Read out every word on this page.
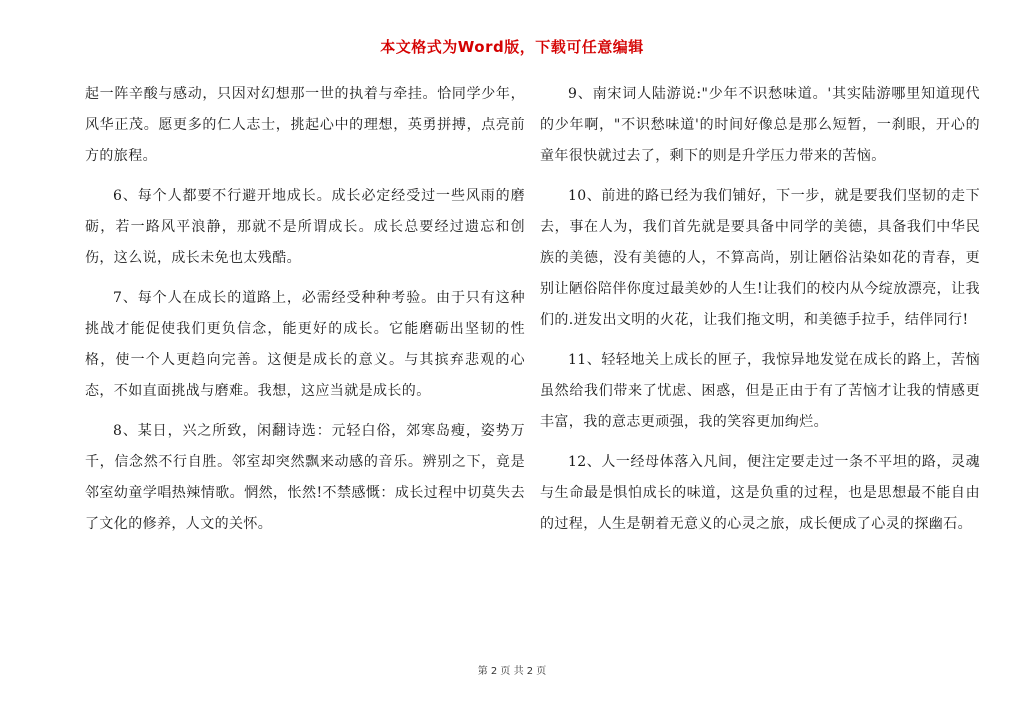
本文格式为Word版，下载可任意编辑

起一阵辛酸与感动，只因对幻想那一世的执着与牵挂。恰同学少年，风华正茂。愿更多的仁人志士，挑起心中的理想，英勇拼搏，点亮前方的旅程。

6、每个人都要不行避开地成长。成长必定经受过一些风雨的磨砺，若一路风平浪静，那就不是所谓成长。成长总要经过遗忘和创伤，这么说，成长未免也太残酷。

7、每个人在成长的道路上，必需经受种种考验。由于只有这种挑战才能促使我们更负信念，能更好的成长。它能磨砺出坚韧的性格，使一个人更趋向完善。这便是成长的意义。与其摈弃悲观的心态，不如直面挑战与磨难。我想，这应当就是成长的。

8、某日，兴之所致，闲翻诗选：元轻白俗，郊寒岛瘦，姿势万千，信念然不行自胜。邻室却突然飘来动感的音乐。辨别之下，竟是邻室幼童学唱热辣情歌。惘然，怅然!不禁感慨：成长过程中切莫失去了文化的修养，人文的关怀。

9、南宋词人陆游说:"少年不识愁味道。'其实陆游哪里知道现代的少年啊，"不识愁味道'的时间好像总是那么短暂，一刹眼，开心的童年很快就过去了，剩下的则是升学压力带来的苦恼。

10、前进的路已经为我们铺好，下一步，就是要我们坚韧的走下去，事在人为，我们首先就是要具备中同学的美德，具备我们中华民族的美德，没有美德的人，不算高尚，别让陋俗沾染如花的青春，更别让陋俗陪伴你度过最美妙的人生!让我们的校内从今绽放漂亮，让我们的.迸发出文明的火花，让我们拖文明，和美德手拉手，结伴同行!

11、轻轻地关上成长的匣子，我惊异地发觉在成长的路上，苦恼虽然给我们带来了忧虑、困惑，但是正由于有了苦恼才让我的情感更丰富，我的意志更顽强，我的笑容更加绚烂。

12、人一经母体落入凡间，便注定要走过一条不平坦的路，灵魂与生命最是惧怕成长的味道，这是负重的过程，也是思想最不能自由的过程，人生是朝着无意义的心灵之旅，成长便成了心灵的探幽石。

第 2 页 共 2 页
